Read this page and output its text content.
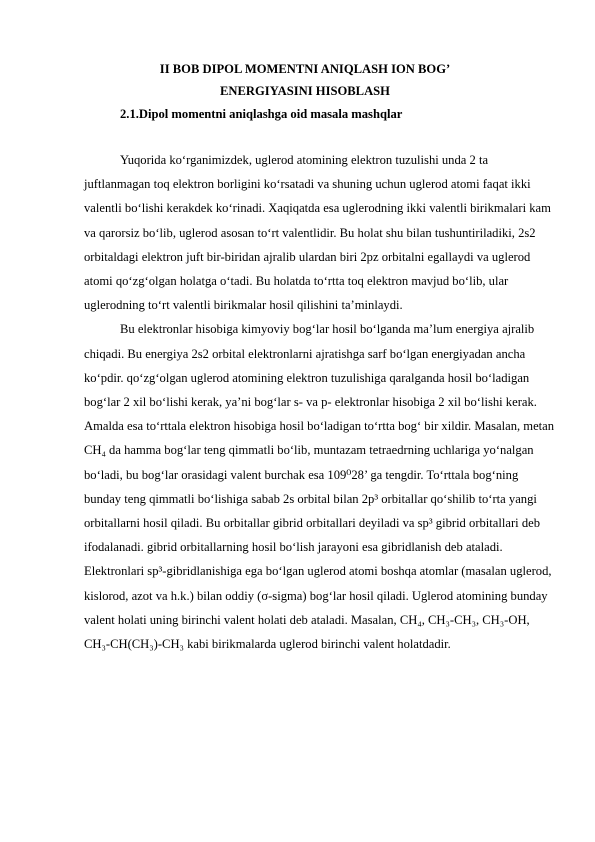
II BOB DIPOL MOMENTNI ANIQLASH ION BOG’
ENERGIYASINI HISOBLASH
2.1.Dipol momentni aniqlashga oid masala mashqlar
Yuqorida ko‘rganimizdek, uglerod atomining elektron tuzulishi unda 2 ta juftlanmagan toq elektron borligini ko‘rsatadi va shuning uchun uglerod atomi faqat ikki valentli bo‘lishi kerakdek ko‘rinadi. Xaqiqatda esa uglerodning ikki valentli birikmalari kam va qarorsiz bo‘lib, uglerod asosan to‘rt valentlidir. Bu holat shu bilan tushuntiriladiki, 2s2 orbitaldagi elektron juft bir-biridan ajralib ulardan biri 2pz orbitalni egallaydi va uglerod atomi qo‘zg‘olgan holatga o‘tadi. Bu holatda to‘rtta toq elektron mavjud bo‘lib, ular uglerodning to‘rt valentli birikmalar hosil qilishini ta’minlaydi.
Bu elektronlar hisobiga kimyoviy bog‘lar hosil bo‘lganda ma’lum energiya ajralib chiqadi. Bu energiya 2s2 orbital elektronlarni ajratishga sarf bo‘lgan energiyadan ancha ko‘pdir. qo‘zg‘olgan uglerod atomining elektron tuzulishiga qaralganda hosil bo‘ladigan bog‘lar 2 xil bo‘lishi kerak, ya’ni bog‘lar s- va p- elektronlar hisobiga 2 xil bo‘lishi kerak. Amalda esa to‘rttala elektron hisobiga hosil bo‘ladigan to‘rtta bog‘ bir xildir. Masalan, metan CH₄ da hamma bog‘lar teng qimmatli bo‘lib, muntazam tetraedrning uchlariga yo‘nalgan bo‘ladi, bu bog‘lar orasidagi valent burchak esa 109⁰28’ ga tengdir. To‘rttala bog‘ning bunday teng qimmatli bo‘lishiga sabab 2s orbital bilan 2p³ orbitallar qo‘shilib to‘rta yangi orbitallarni hosil qiladi. Bu orbitallar gibrid orbitallari deyiladi va sp³ gibrid orbitallari deb ifodalanadi. gibrid orbitallarning hosil bo‘lish jarayoni esa gibridlanish deb ataladi. Elektronlari sp³-gibridlanishiga ega bo‘lgan uglerod atomi boshqa atomlar (masalan uglerod, kislorod, azot va h.k.) bilan oddiy (σ-sigma) bog‘lar hosil qiladi. Uglerod atomining bunday valent holati uning birinchi valent holati deb ataladi. Masalan, CH₄, CH₃-CH₃, CH₃-OH, CH₃-CH(CH₃)-CH₃ kabi birikmalarda uglerod birinchi valent holatdadir.
